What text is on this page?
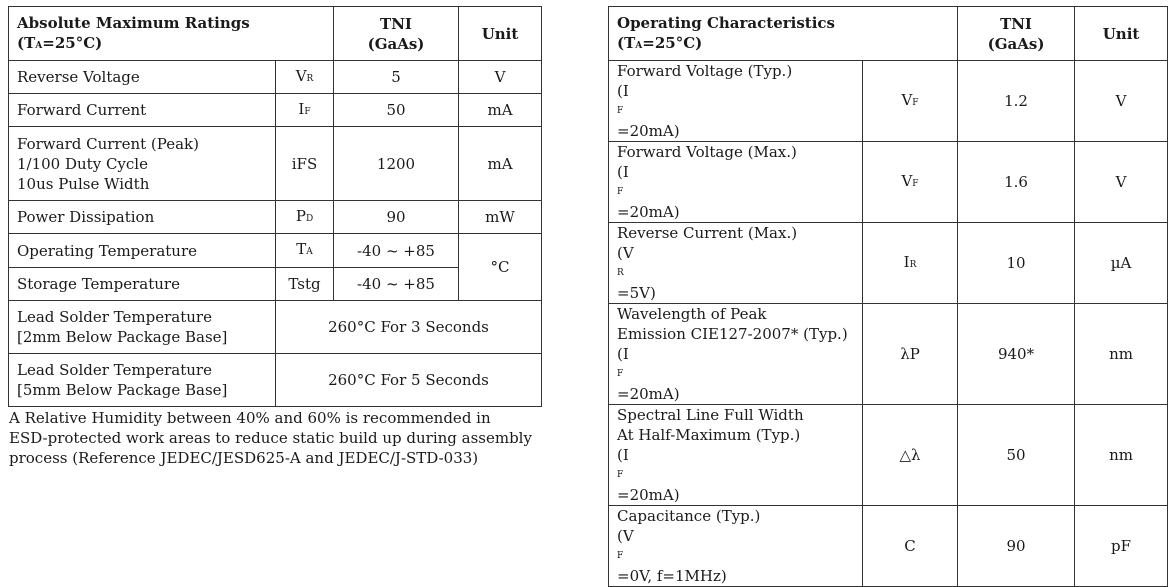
Absolute Maximum Ratings
(TA=25°C)		TNI
(GaAs)	Unit
Reverse Voltage	VR	5	V
Forward Current	IF	50	mA

Forward Current (Peak)
1/100 Duty Cycle
10us Pulse Width	iFS	1200	mA
Power Dissipation	PD	90	mW
Operating Temperature	TA	-40 ~ +85	°C
Storage Temperature	Tstg	-40 ~ +85	

Lead Solder Temperature
[2mm Below Package Base]	260°C For 3 Seconds		

Lead Solder Temperature
[5mm Below Package Base]	260°C For 5 Seconds		
A Relative Humidity between 40% and 60% is recommended in
ESD-protected work areas to reduce static build up during assembly
process (Reference JEDEC/JESD625-A and JEDEC/J-STD-033)
Operating Characteristics
(TA=25°C)		TNI
(GaAs)	Unit

Forward Voltage (Typ.)
(I
F
=20mA)	VF	1.2	V

Forward Voltage (Max.)
(I
F
=20mA)	VF	1.6	V

Reverse Current (Max.)
(V
R
=5V)	IR	10	µA

Wavelength of Peak
Emission CIE127-2007* (Typ.)
(I
F
=20mA)	λP	940*	nm

Spectral Line Full Width
At Half-Maximum (Typ.)
(I
F
=20mA)	△λ	50	nm

Capacitance (Typ.)
(V
F
=0V, f=1MHz)	C	90	pF
